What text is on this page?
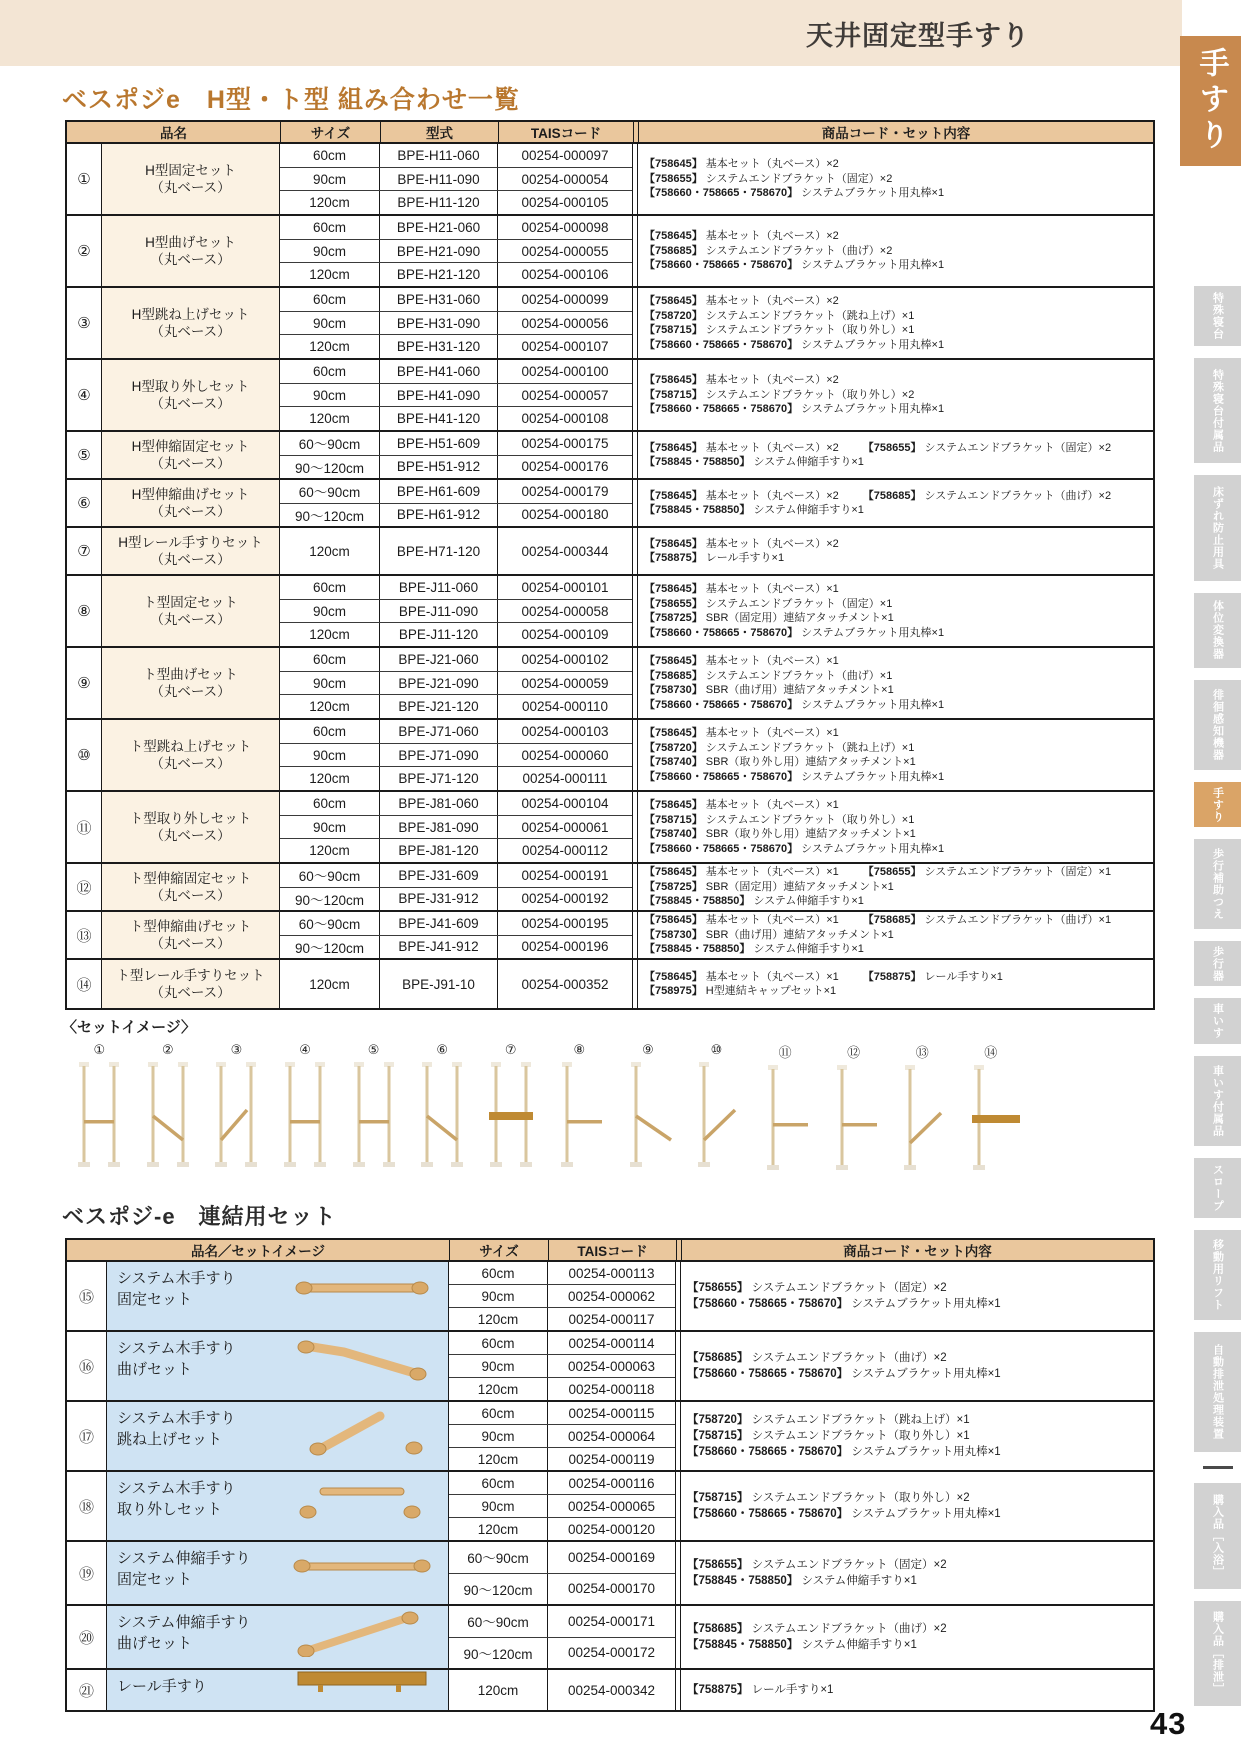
天井固定型手すり
ベスポジe　H型・ト型 組み合わせ一覧
品名	サイズ	型式	TAISコード	商品コード・セット内容
①
H型固定セット
（丸ベース）
60cm	BPE-H11-060	00254-000097
90cm	BPE-H11-090	00254-000054
120cm	BPE-H11-120	00254-000105
【758645】 基本セット（丸ベース）×2
【758655】 システムエンドブラケット（固定）×2
【758660・758665・758670】 システムブラケット用丸棒×1
②
H型曲げセット
（丸ベース）
60cm	BPE-H21-060	00254-000098
90cm	BPE-H21-090	00254-000055
120cm	BPE-H21-120	00254-000106
【758645】 基本セット（丸ベース）×2
【758685】 システムエンドブラケット（曲げ）×2
【758660・758665・758670】 システムブラケット用丸棒×1
③
H型跳ね上げセット
（丸ベース）
60cm	BPE-H31-060	00254-000099
90cm	BPE-H31-090	00254-000056
120cm	BPE-H31-120	00254-000107
【758645】 基本セット（丸ベース）×2
【758720】 システムエンドブラケット（跳ね上げ）×1
【758715】 システムエンドブラケット（取り外し）×1
【758660・758665・758670】 システムブラケット用丸棒×1
④
H型取り外しセット
（丸ベース）
60cm	BPE-H41-060	00254-000100
90cm	BPE-H41-090	00254-000057
120cm	BPE-H41-120	00254-000108
【758645】 基本セット（丸ベース）×2
【758715】 システムエンドブラケット（取り外し）×2
【758660・758665・758670】 システムブラケット用丸棒×1
⑤
H型伸縮固定セット
（丸ベース）
60～90cm	BPE-H51-609	00254-000175
90～120cm	BPE-H51-912	00254-000176
【758645】 基本セット（丸ベース）×2 【758655】 システムエンドブラケット（固定）×2
【758845・758850】 システム伸縮手すり×1
⑥
H型伸縮曲げセット
（丸ベース）
60～90cm	BPE-H61-609	00254-000179
90～120cm	BPE-H61-912	00254-000180
【758645】 基本セット（丸ベース）×2 【758685】 システムエンドブラケット（曲げ）×2
【758845・758850】 システム伸縮手すり×1
⑦
H型レール手すりセット
（丸ベース）
120cm	BPE-H71-120	00254-000344	【758645】 基本セット（丸ベース）×2
【758875】 レール手すり×1
⑧
ト型固定セット
（丸ベース）
60cm	BPE-J11-060	00254-000101
90cm	BPE-J11-090	00254-000058
120cm	BPE-J11-120	00254-000109
【758645】 基本セット（丸ベース）×1
【758655】 システムエンドブラケット（固定）×1
【758725】 SBR（固定用）連結アタッチメント×1
【758660・758665・758670】 システムブラケット用丸棒×1
⑨
ト型曲げセット
（丸ベース）
60cm	BPE-J21-060	00254-000102
90cm	BPE-J21-090	00254-000059
120cm	BPE-J21-120	00254-000110
【758645】 基本セット（丸ベース）×1
【758685】 システムエンドブラケット（曲げ）×1
【758730】 SBR（曲げ用）連結アタッチメント×1
【758660・758665・758670】 システムブラケット用丸棒×1
⑩
ト型跳ね上げセット
（丸ベース）
60cm	BPE-J71-060	00254-000103
90cm	BPE-J71-090	00254-000060
120cm	BPE-J71-120	00254-000111
【758645】 基本セット（丸ベース）×1
【758720】 システムエンドブラケット（跳ね上げ）×1
【758740】 SBR（取り外し用）連結アタッチメント×1
【758660・758665・758670】 システムブラケット用丸棒×1
⑪
ト型取り外しセット
（丸ベース）
60cm	BPE-J81-060	00254-000104
90cm	BPE-J81-090	00254-000061
120cm	BPE-J81-120	00254-000112
【758645】 基本セット（丸ベース）×1
【758715】 システムエンドブラケット（取り外し）×1
【758740】 SBR（取り外し用）連結アタッチメント×1
【758660・758665・758670】 システムブラケット用丸棒×1
⑫
ト型伸縮固定セット
（丸ベース）
60～90cm	BPE-J31-609	00254-000191
90～120cm	BPE-J31-912	00254-000192
【758645】 基本セット（丸ベース）×1 【758655】 システムエンドブラケット（固定）×1
【758725】 SBR（固定用）連結アタッチメント×1
【758845・758850】 システム伸縮手すり×1
⑬
ト型伸縮曲げセット
（丸ベース）
60～90cm	BPE-J41-609	00254-000195
90～120cm	BPE-J41-912	00254-000196
【758645】 基本セット（丸ベース）×1 【758685】 システムエンドブラケット（曲げ）×1
【758730】 SBR（曲げ用）連結アタッチメント×1
【758845・758850】 システム伸縮手すり×1
⑭
ト型レール手すりセット
（丸ベース）
120cm	BPE-J91-10	00254-000352	【758645】 基本セット（丸ベース）×1 【758875】 レール手すり×1
【758975】 H型連結キャップセット×1
〈セットイメージ〉
①	②	③	④	⑤	⑥	⑦	⑧	⑨	⑩	⑪	⑫	⑬	⑭
ベスポジ-e　連結用セット
品名／セットイメージ	サイズ	TAISコード	商品コード・セット内容
⑮
システム木手すり
固定セット
60cm	00254-000113
90cm	00254-000062
120cm	00254-000117
【758655】 システムエンドブラケット（固定）×2
【758660・758665・758670】 システムブラケット用丸棒×1
⑯
システム木手すり
曲げセット
60cm	00254-000114
90cm	00254-000063
120cm	00254-000118
【758685】 システムエンドブラケット（曲げ）×2
【758660・758665・758670】 システムブラケット用丸棒×1
⑰
システム木手すり
跳ね上げセット
60cm	00254-000115
90cm	00254-000064
120cm	00254-000119
【758720】 システムエンドブラケット（跳ね上げ）×1
【758715】 システムエンドブラケット（取り外し）×1
【758660・758665・758670】 システムブラケット用丸棒×1
⑱
システム木手すり
取り外しセット
60cm	00254-000116
90cm	00254-000065
120cm	00254-000120
【758715】 システムエンドブラケット（取り外し）×2
【758660・758665・758670】 システムブラケット用丸棒×1
⑲
システム伸縮手すり
固定セット
60～90cm	00254-000169
90～120cm	00254-000170
【758655】 システムエンドブラケット（固定）×2
【758845・758850】 システム伸縮手すり×1
⑳
システム伸縮手すり
曲げセット
60～90cm	00254-000171
90～120cm	00254-000172
【758685】 システムエンドブラケット（曲げ）×2
【758845・758850】 システム伸縮手すり×1
㉑	レール手すり	120cm	00254-000342	【758875】 レール手すり×1
手すり
特殊寝台
特殊寝台付属品
床ずれ防止用具
体位変換器
徘徊感知機器
手すり
歩行補助つえ
歩行器
車いす
車いす付属品
スロープ
移動用リフト
自動排泄処理装置
購入品［入浴］
購入品［排泄］
43
